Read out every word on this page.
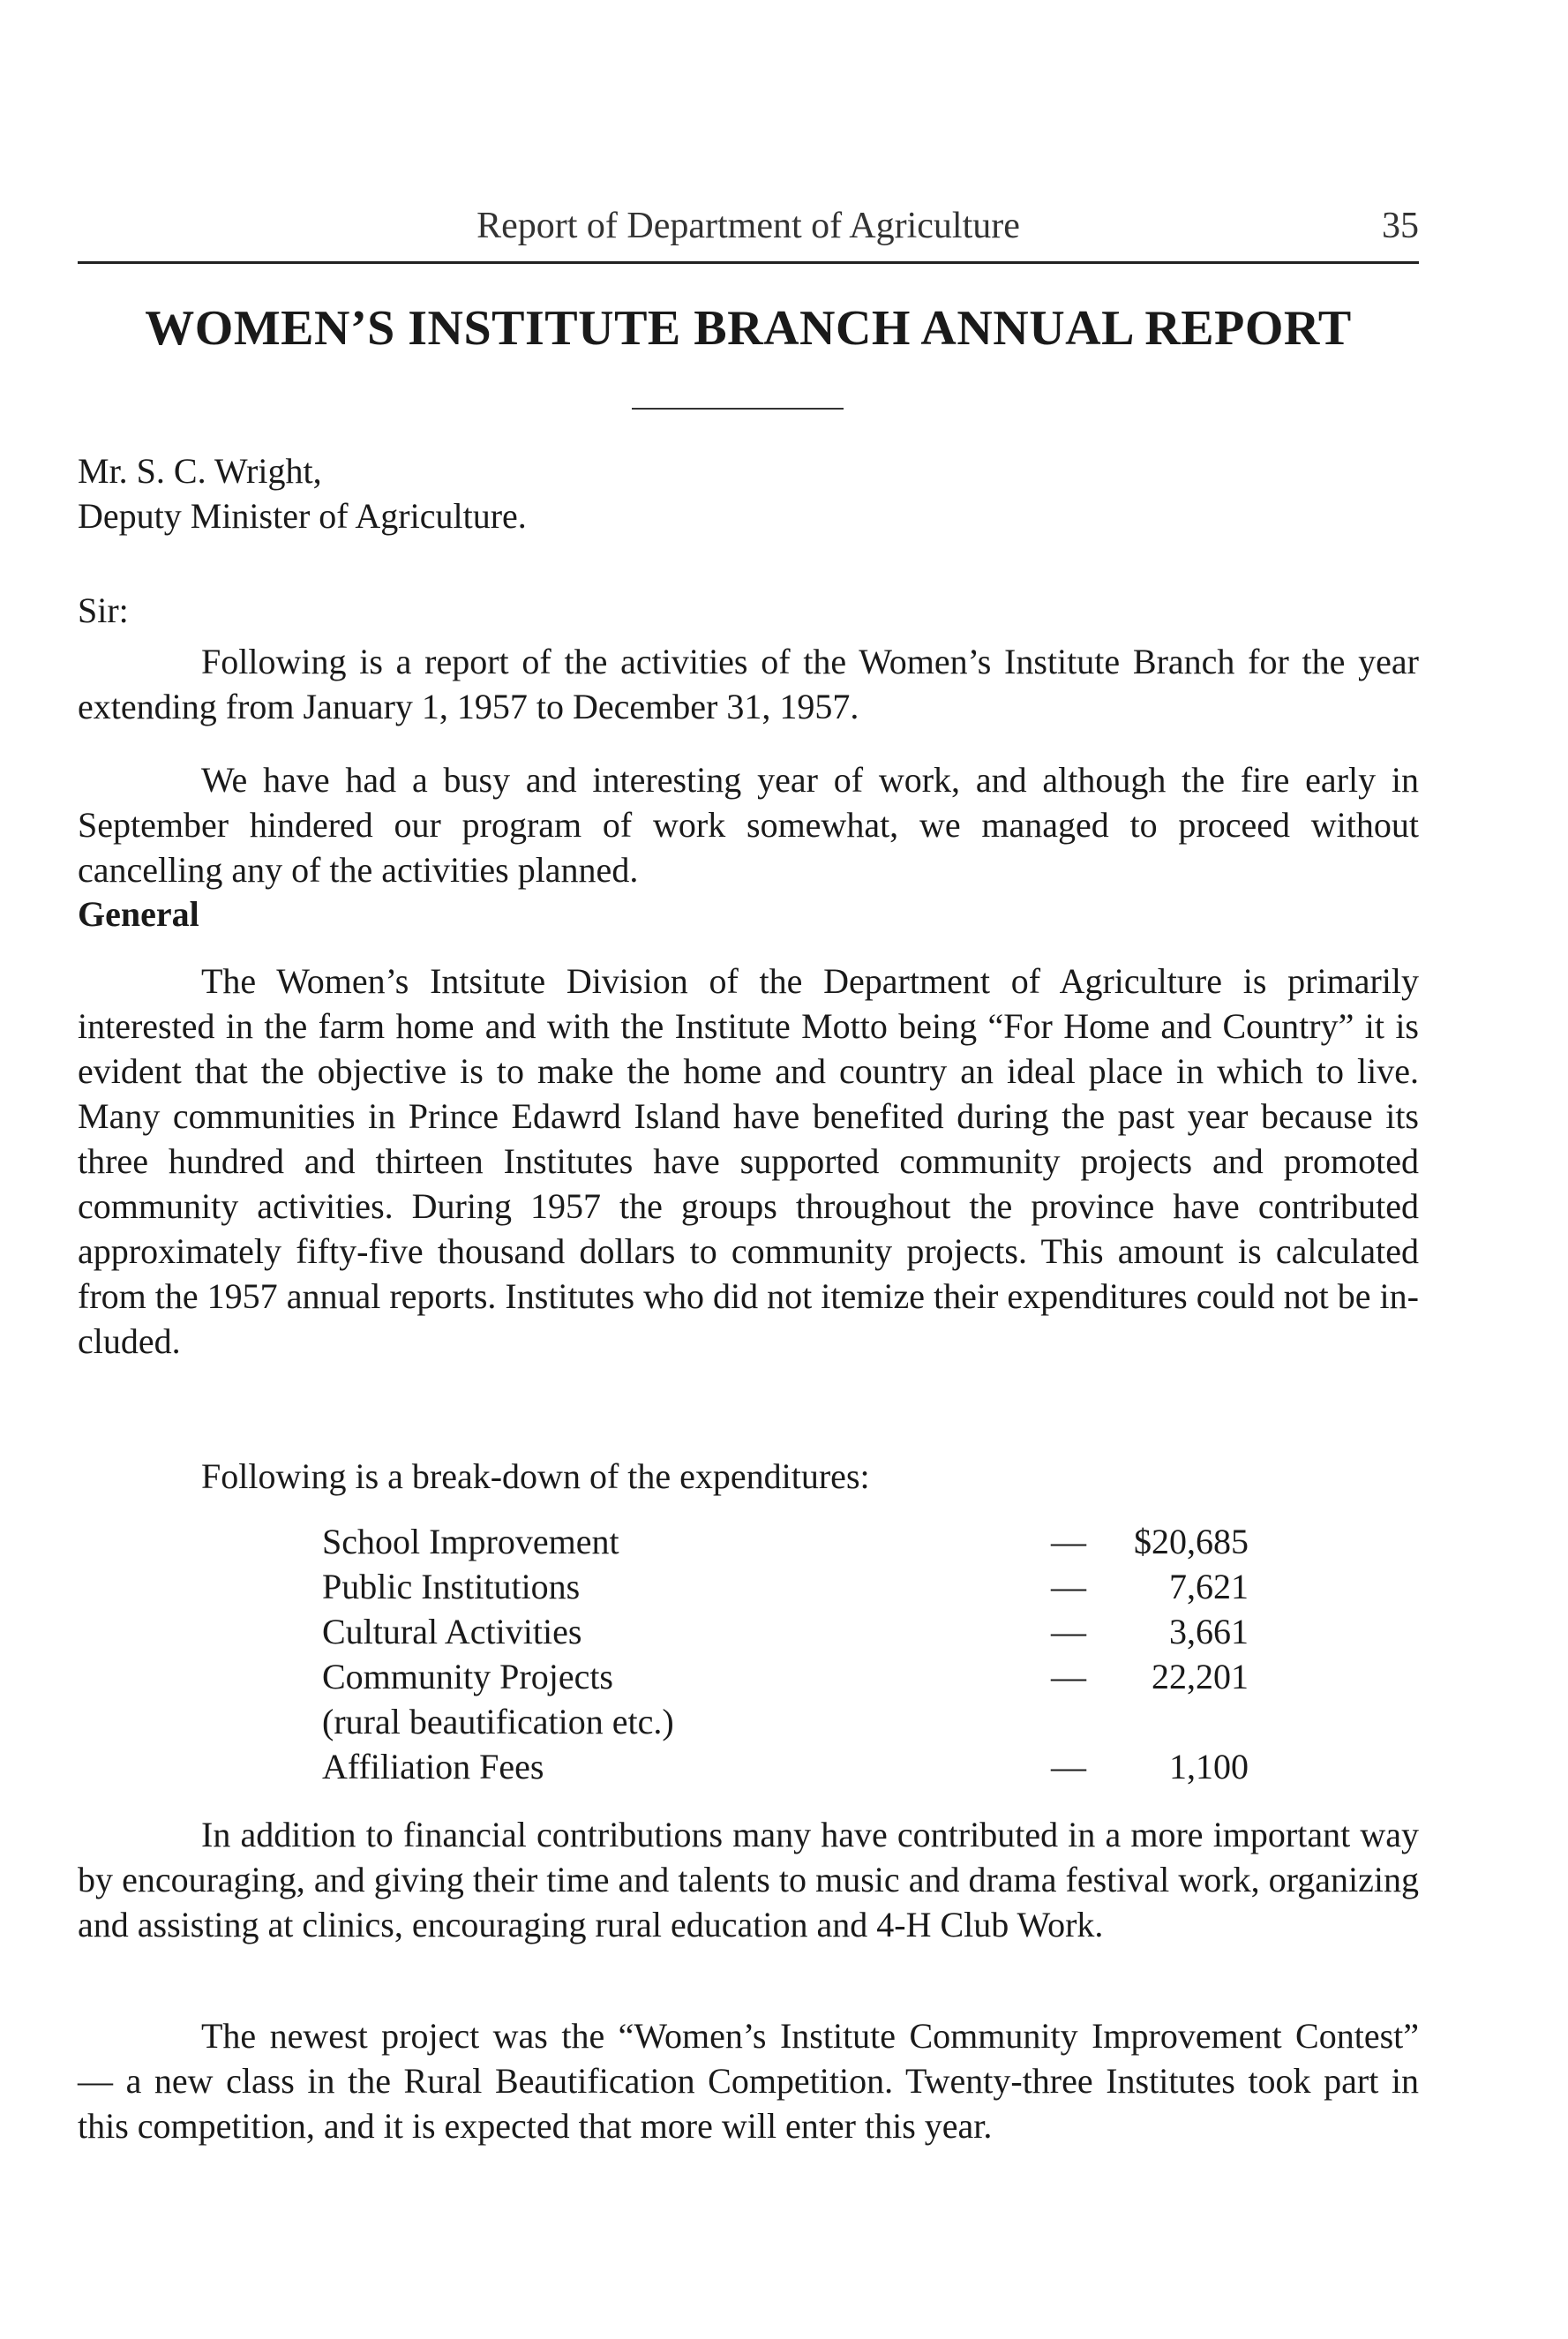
Report of Department of Agriculture	35
WOMEN’S INSTITUTE BRANCH ANNUAL REPORT
Mr. S. C. Wright,
Deputy Minister of Agriculture.
Sir:

Following is a report of the activities of the Women’s Institute Branch for the year extending from January 1, 1957 to December 31, 1957.

We have had a busy and interesting year of work, and although the fire early in September hindered our program of work somewhat, we managed to proceed without cancelling any of the activities planned.

General

The Women’s Intsitute Division of the Department of Agriculture is primarily interested in the farm home and with the Institute Motto being “For Home and Country” it is evident that the objective is to make the home and country an ideal place in which to live. Many communities in Prince Edawrd Island have benefited during the past year because its three hundred and thirteen Institutes have supported community projects and promoted community activities. During 1957 the groups throughout the province have contributed approximately fifty-five thousand dollars to community projects. This amount is calculated from the 1957 annual reports. Institutes who did not itemize their expenditures could not be included.

Following is a break-down of the expenditures:
School Improvement	— $20,685
Public Institutions	— 7,621
Cultural Activities	— 3,661
Community Projects	— 22,201
(rural beautification etc.)
Affiliation Fees	— 1,100

In addition to financial contributions many have contributed in a more important way by encouraging, and giving their time and talents to music and drama festival work, organizing and assisting at clinics, encouraging rural education and 4-H Club Work.

The newest project was the “Women’s Institute Community Improvement Contest” — a new class in the Rural Beautification Competition. Twenty-three Institutes took part in this competition, and it is expected that more will enter this year.
